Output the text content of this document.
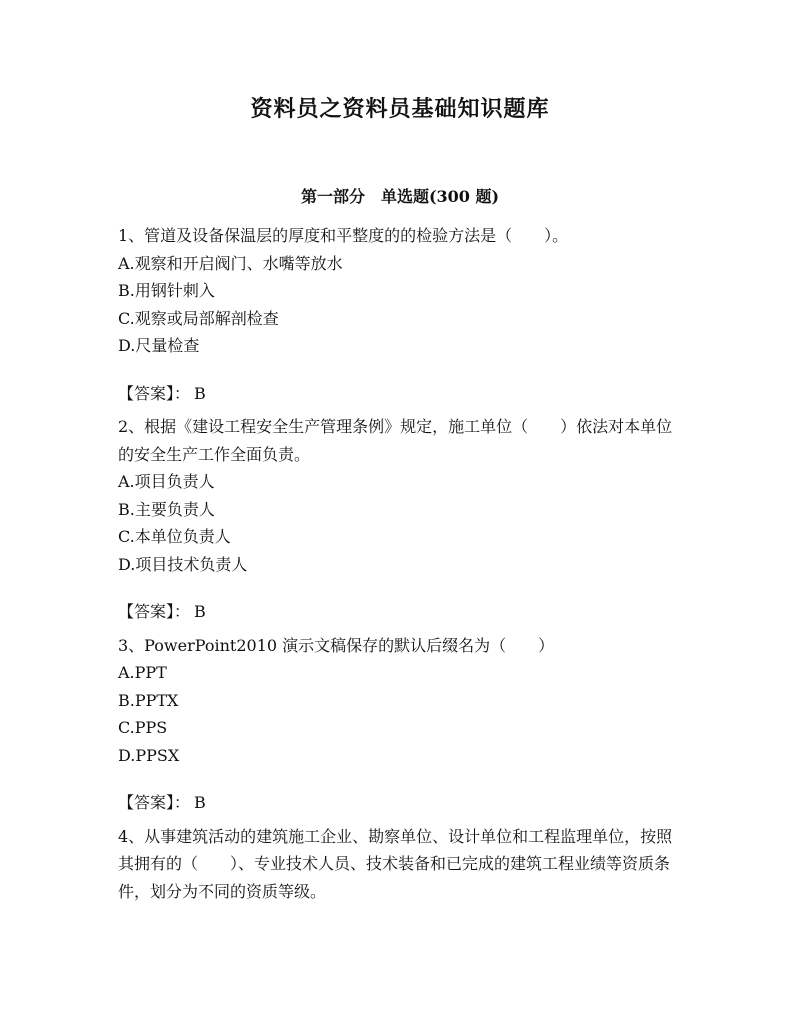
资料员之资料员基础知识题库
第一部分　单选题(300 题)

1、管道及设备保温层的厚度和平整度的的检验方法是（　　）。

A.观察和开启阀门、水嘴等放水

B.用钢针刺入

C.观察或局部解剖检查

D.尺量检查

【答案】： B

2、根据《建设工程安全生产管理条例》规定，施工单位（　　）依法对本单位的安全生产工作全面负责。

A.项目负责人

B.主要负责人

C.本单位负责人

D.项目技术负责人

【答案】： B

3、PowerPoint2010 演示文稿保存的默认后缀名为（　　）

A.PPT

B.PPTX

C.PPS

D.PPSX

【答案】： B

4、从事建筑活动的建筑施工企业、勘察单位、设计单位和工程监理单位，按照其拥有的（　　）、专业技术人员、技术装备和已完成的建筑工程业绩等资质条件，划分为不同的资质等级。
